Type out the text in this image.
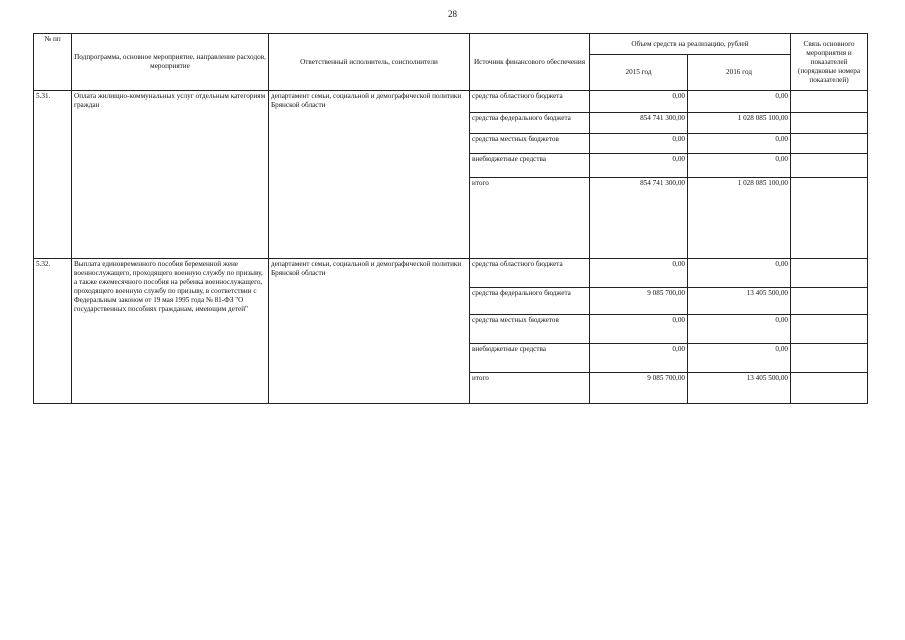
28
№ пп	Подпрограмма, основное мероприятие, направление расходов, мероприятие	Ответственный исполнитель, соисполнители	Источник финансового обеспечения	Объем средств на реализацию, рублей		Связь основного мероприятия и показателей (порядковые номера показателей)
				2015 год	2016 год	
5.31.	Оплата жилищно-коммунальных услуг отдельным категориям граждан	департамент семьи, социальной и демографической политики Брянской области	средства областного бюджета	0,00	0,00	
			средства федерального бюджета	854 741 300,00	1 028 085 100,00	
			средства местных бюджетов	0,00	0,00	
			внебюджетные средства	0,00	0,00	
			итого	854 741 300,00	1 028 085 100,00	
5.32.	Выплата единовременного пособия беременной жене военнослужащего, проходящего военную службу по призыву, а также ежемесячного пособия на ребенка военнослужащего, проходящего военную службу по призыву, в соответствии с Федеральным законом от 19 мая 1995 года № 81-ФЗ "О государственных пособиях гражданам, имеющим детей"	департамент семьи, социальной и демографической политики Брянской области	средства областного бюджета	0,00	0,00	
			средства федерального бюджета	9 085 700,00	13 405 500,00	
			средства местных бюджетов	0,00	0,00	
			внебюджетные средства	0,00	0,00	
			итого	9 085 700,00	13 405 500,00	
